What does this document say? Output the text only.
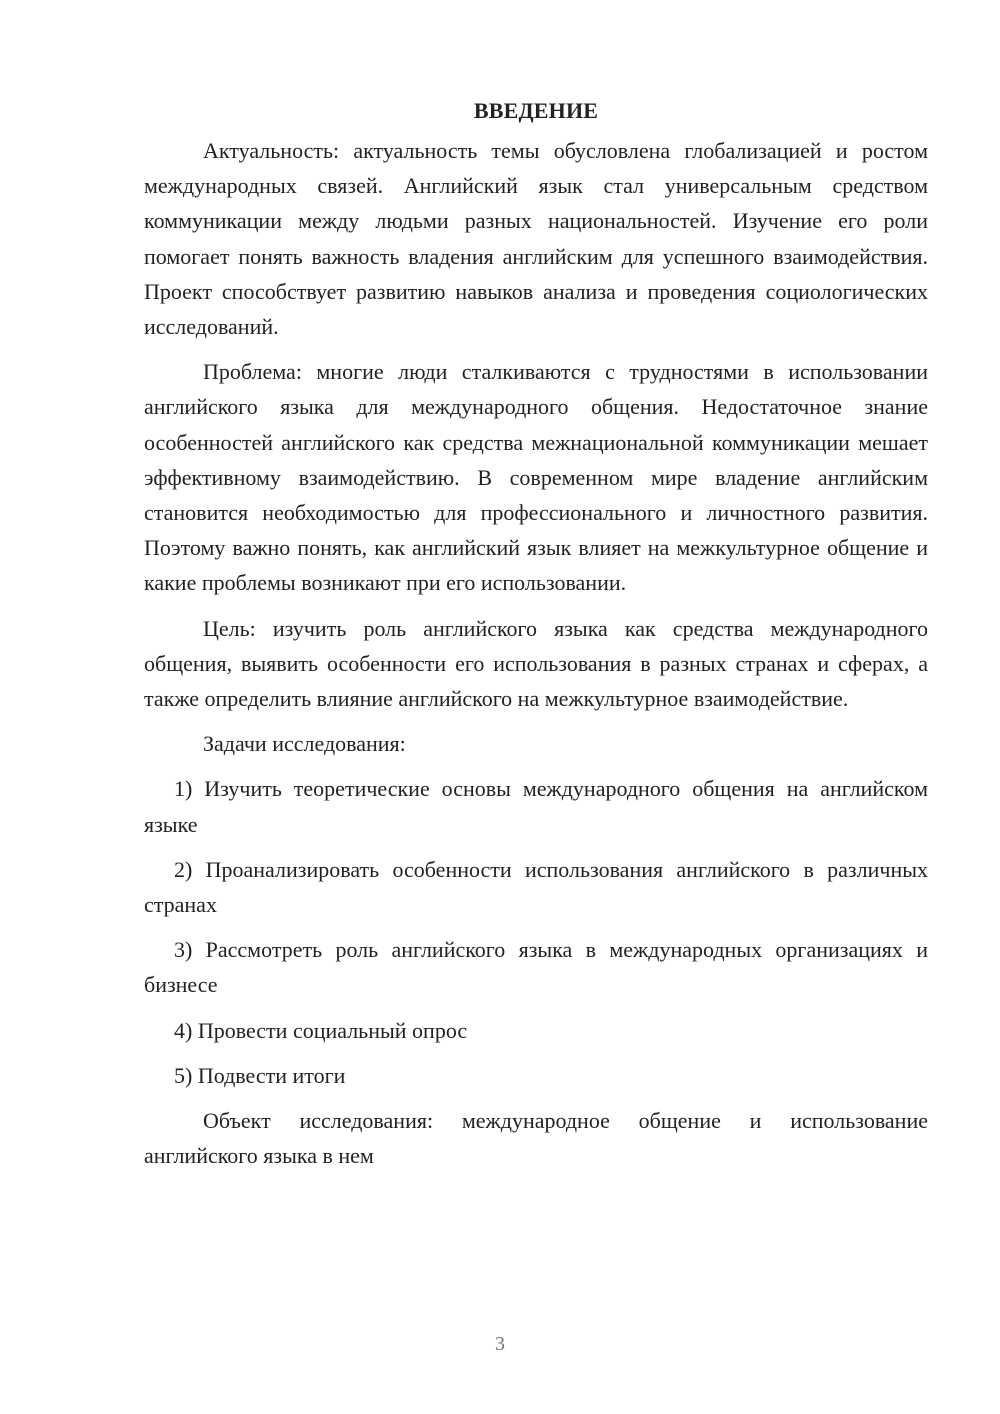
ВВЕДЕНИЕ

Актуальность: актуальность темы обусловлена глобализацией и ростом международных связей. Английский язык стал универсальным средством коммуникации между людьми разных национальностей. Изучение его роли помогает понять важность владения английским для успешного взаимодействия. Проект способствует развитию навыков анализа и проведения социологических исследований.

Проблема: многие люди сталкиваются с трудностями в использовании английского языка для международного общения. Недостаточное знание особенностей английского как средства межнациональной коммуникации мешает эффективному взаимодействию. В современном мире владение английским становится необходимостью для профессионального и личностного развития. Поэтому важно понять, как английский язык влияет на межкультурное общение и какие проблемы возникают при его использовании.

Цель: изучить роль английского языка как средства международного общения, выявить особенности его использования в разных странах и сферах, а также определить влияние английского на межкультурное взаимодействие.

Задачи исследования:

1) Изучить теоретические основы международного общения на английском языке

2) Проанализировать особенности использования английского в различных странах

3) Рассмотреть роль английского языка в международных организациях и бизнесе

4) Провести социальный опрос

5) Подвести итоги

Объект исследования: международное общение и использование английского языка в нем

3
